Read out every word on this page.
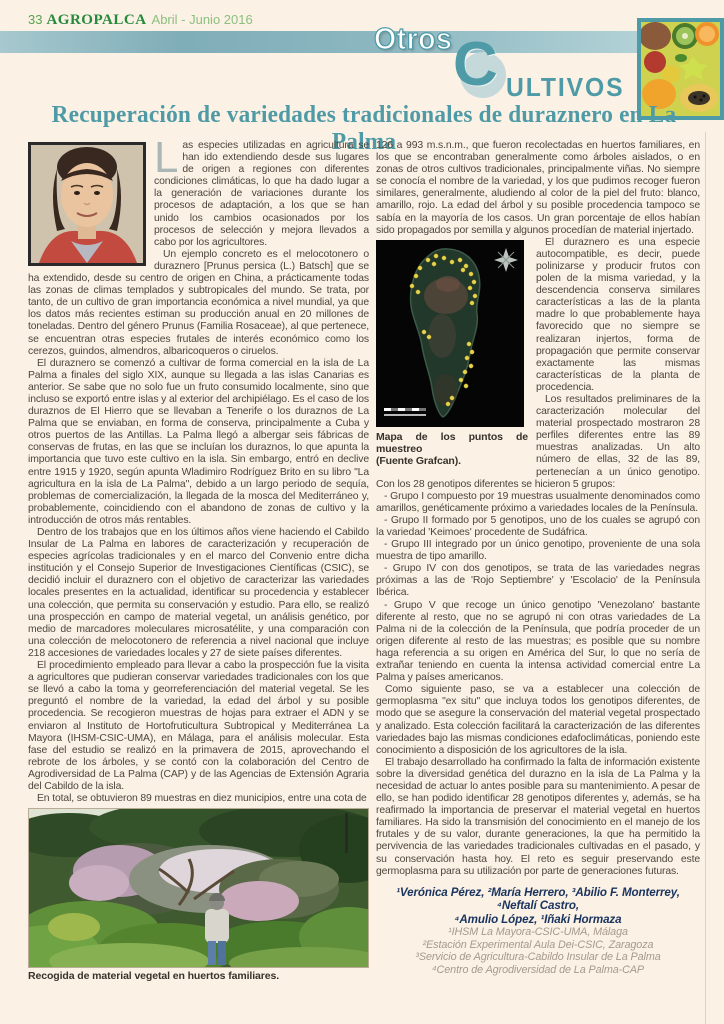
33 AGROPALCA Abril - Junio 2016
Otros C ULTIVOS
Recuperación de variedades tradicionales de duraznero en La Palma

Las especies utilizadas en agricultura se han ido extendiendo desde sus lugares de origen a regiones con diferentes condiciones climáticas, lo que ha dado lugar a la generación de variaciones durante los procesos de adaptación, a los que se han unido los cambios ocasionados por los procesos de selección y mejora llevados a cabo por los agricultores.

Un ejemplo concreto es el melocotonero o duraznero [Prunus persica (L.) Batsch] que se ha extendido, desde su centro de origen en China, a prácticamente todas las zonas de climas templados y subtropicales del mundo. Se trata, por tanto, de un cultivo de gran importancia económica a nivel mundial, ya que los datos más recientes estiman su producción anual en 20 millones de toneladas. Dentro del género Prunus (Familia Rosaceae), al que pertenece, se encuentran otras especies frutales de interés económico como los cerezos, guindos, almendros, albaricoqueros o ciruelos.

El duraznero se comenzó a cultivar de forma comercial en la isla de La Palma a finales del siglo XIX, aunque su llegada a las islas Canarias es anterior. Se sabe que no solo fue un fruto consumido localmente, sino que incluso se exportó entre islas y al exterior del archipiélago. Es el caso de los duraznos de El Hierro que se llevaban a Tenerife o los duraznos de La Palma que se enviaban, en forma de conserva, principalmente a Cuba y otros puertos de las Antillas. La Palma llegó a albergar seis fábricas de conservas de frutas, en las que se incluían los duraznos, lo que apunta la importancia que tuvo este cultivo en la isla. Sin embargo, entró en declive entre 1915 y 1920, según apunta Wladimiro Rodríguez Brito en su libro "La agricultura en la isla de La Palma", debido a un largo periodo de sequía, problemas de comercialización, la llegada de la mosca del Mediterráneo y, probablemente, coincidiendo con el abandono de zonas de cultivo y la introducción de otros más rentables.

Dentro de los trabajos que en los últimos años viene haciendo el Cabildo Insular de La Palma en labores de caracterización y recuperación de especies agrícolas tradicionales y en el marco del Convenio entre dicha institución y el Consejo Superior de Investigaciones Científicas (CSIC), se decidió incluir el duraznero con el objetivo de caracterizar las variedades locales presentes en la actualidad, identificar su procedencia y establecer una colección, que permita su conservación y estudio. Para ello, se realizó una prospección en campo de material vegetal, un análisis genético, por medio de marcadores moleculares microsatélite, y una comparación con una colección de melocotonero de referencia a nivel nacional que incluye 218 accesiones de variedades locales y 27 de siete países diferentes.

El procedimiento empleado para llevar a cabo la prospección fue la visita a agricultores que pudieran conservar variedades tradicionales con los que se llevó a cabo la toma y georreferenciación del material vegetal. Se les preguntó el nombre de la variedad, la edad del árbol y su posible procedencia. Se recogieron muestras de hojas para extraer el ADN y se enviaron al Instituto de Hortofruticultura Subtropical y Mediterránea La Mayora (IHSM-CSIC-UMA), en Málaga, para el análisis molecular. Esta fase del estudio se realizó en la primavera de 2015, aprovechando el rebrote de los árboles, y se contó con la colaboración del Centro de Agrodiversidad de La Palma (CAP) y de las Agencias de Extensión Agraria del Cabildo de la isla.

En total, se obtuvieron 89 muestras en diez municipios, entre una cota de

Recogida de material vegetal en huertos familiares.

126 a 993 m.s.n.m., que fueron recolectadas en huertos familiares, en los que se encontraban generalmente como árboles aislados, o en zonas de otros cultivos tradicionales, principalmente viñas. No siempre se conocía el nombre de la variedad, y los que pudimos recoger fueron similares, generalmente, aludiendo al color de la piel del fruto: blanco, amarillo, rojo. La edad del árbol y su posible procedencia tampoco se sabía en la mayoría de los casos. Un gran porcentaje de ellos habían sido propagados por semilla y algunos procedían de material injertado.

Mapa de los puntos de muestreo
(Fuente Grafcan).

El duraznero es una especie autocompatible, es decir, puede polinizarse y producir frutos con polen de la misma variedad, y la descendencia conserva similares características a las de la planta madre lo que probablemente haya favorecido que no siempre se realizaran injertos, forma de propagación que permite conservar exactamente las mismas características de la planta de procedencia.

Los resultados preliminares de la caracterización molecular del material prospectado mostraron 28 perfiles diferentes entre las 89 muestras analizadas. Un alto número de ellas, 32 de las 89, pertenecían a un único genotipo. Con los 28 genotipos diferentes se hicieron 5 grupos:

- Grupo I compuesto por 19 muestras usualmente denominados como amarillos, genéticamente próximo a variedades locales de la Península.

- Grupo II formado por 5 genotipos, uno de los cuales se agrupó con la variedad 'Keimoes' procedente de Sudáfrica.

- Grupo III integrado por un único genotipo, proveniente de una sola muestra de tipo amarillo.

- Grupo IV con dos genotipos, se trata de las variedades negras próximas a las de 'Rojo Septiembre' y 'Escolacio' de la Península Ibérica.

- Grupo V que recoge un único genotipo 'Venezolano' bastante diferente al resto, que no se agrupó ni con otras variedades de La Palma ni de la colección de la Península, que podría proceder de un origen diferente al resto de las muestras; es posible que su nombre haga referencia a su origen en América del Sur, lo que no sería de extrañar teniendo en cuenta la intensa actividad comercial entre La Palma y países americanos.

Como siguiente paso, se va a establecer una colección de germoplasma "ex situ" que incluya todos los genotipos diferentes, de modo que se asegure la conservación del material vegetal prospectado y analizado. Esta colección facilitará la caracterización de las diferentes variedades bajo las mismas condiciones edafoclimáticas, poniendo este conocimiento a disposición de los agricultores de la isla.

El trabajo desarrollado ha confirmado la falta de información existente sobre la diversidad genética del durazno en la isla de La Palma y la necesidad de actuar lo antes posible para su mantenimiento. A pesar de ello, se han podido identificar 28 genotipos diferentes y, además, se ha reafirmado la importancia de preservar el material vegetal en huertos familiares. Ha sido la transmisión del conocimiento en el manejo de los frutales y de su valor, durante generaciones, la que ha permitido la pervivencia de las variedades tradicionales cultivadas en el pasado, y su conservación hasta hoy. El reto es seguir preservando este germoplasma para su utilización por parte de generaciones futuras.

¹Verónica Pérez, ²María Herrero, ³Abilio F. Monterrey, ⁴Neftalí Castro,
⁴Amulio López, ¹Iñaki Hormaza
¹IHSM La Mayora-CSIC-UMA, Málaga
²Estación Experimental Aula Dei-CSIC, Zaragoza
³Servicio de Agricultura-Cabildo Insular de La Palma
⁴Centro de Agrodiversidad de La Palma-CAP
